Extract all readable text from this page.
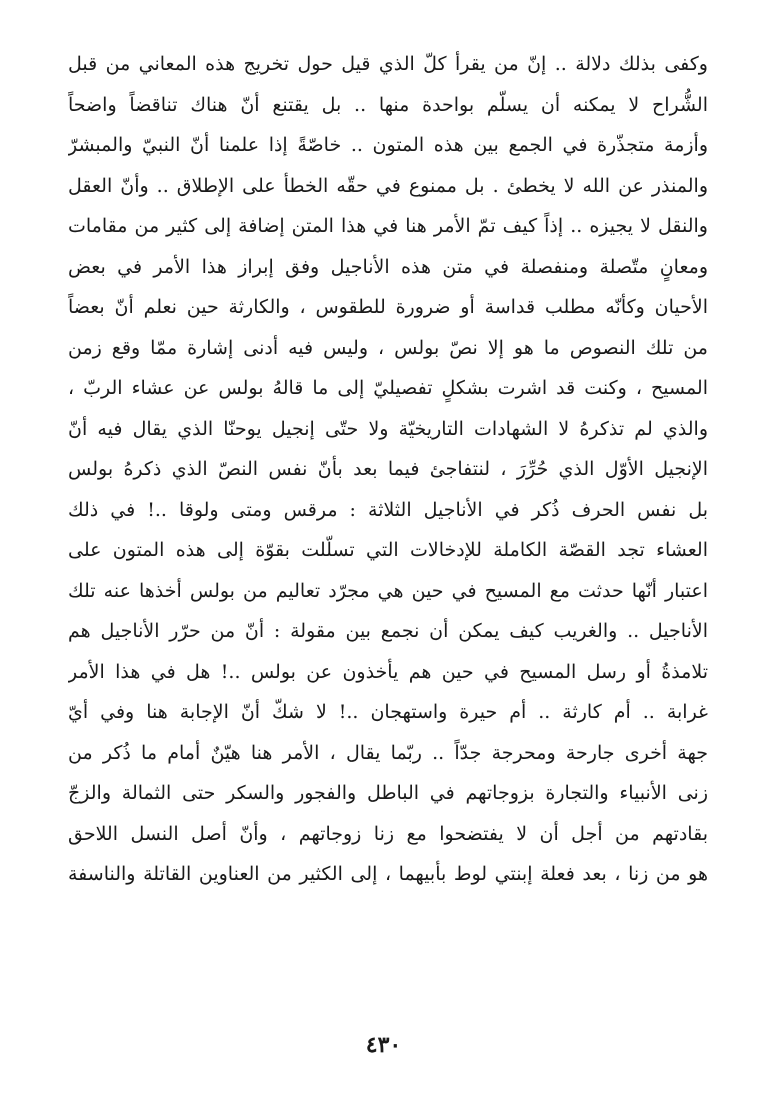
وكفى بذلك دلالة .. إنّ من يقرأ كلّ الذي قيل حول تخريج هذه المعاني من قبل
الشُّراح لا يمكنه أن يسلّم بواحدة منها .. بل يقتنع أنّ هناك تناقضاً واضحاً
وأزمة متجذّرة في الجمع بين هذه المتون .. خاصّةً إذا علمنا أنّ النبيّ والمبشرّ
والمنذر عن الله لا يخطئ . بل ممنوع في حقّه الخطأ على الإطلاق .. وأنّ العقل
والنقل لا يجيزه .. إذاً كيف تمّ الأمر هنا في هذا المتن إضافة إلى كثير من مقامات
ومعانٍ متّصلة ومنفصلة في متن هذه الأناجيل وفق إبراز هذا الأمر في بعض
الأحيان وكأنّه مطلب قداسة أو ضرورة للطقوس ، والكارثة حين نعلم أنّ بعضاً
من تلك النصوص ما هو إلا نصّ بولس ، وليس فيه أدنى إشارة ممّا وقع زمن
المسيح ، وكنت قد اشرت بشكلٍ تفصيليّ إلى ما قالهُ بولس عن عشاء الربّ ،
والذي لم تذكرهُ لا الشهادات التاريخيّة ولا حتّى إنجيل يوحنّا الذي يقال فيه أنّ
الإنجيل الأوّل الذي حُرِّرَ ، لنتفاجئ فيما بعد بأنّ نفس النصّ الذي ذكرهُ بولس
بل نفس الحرف ذُكر في الأناجيل الثلاثة : مرقس ومتى ولوقا ..! في ذلك
العشاء تجد القصّة الكاملة للإدخالات التي تسلّلت بقوّة إلى هذه المتون على
اعتبار أنّها حدثت مع المسيح في حين هي مجرّد تعاليم من بولس أخذها عنه تلك
الأناجيل .. والغريب كيف يمكن أن نجمع بين مقولة : أنّ من حرّر الأناجيل هم
تلامذةُ أو رسل المسيح في حين هم يأخذون عن بولس ..! هل في هذا الأمر
غرابة .. أم كارثة .. أم حيرة واستهجان ..! لا شكّ أنّ الإجابة هنا وفي أيّ
جهة أخرى جارحة ومحرجة جدّاً .. ربّما يقال ، الأمر هنا هيّنٌ أمام ما ذُكر من
زنى الأنبياء والتجارة بزوجاتهم في الباطل والفجور والسكر حتى الثمالة والزجّ
بقادتهم من أجل أن لا يفتضحوا مع زنا زوجاتهم ، وأنّ أصل النسل اللاحق
هو من زنا ، بعد فعلة إبنتي لوط بأبيهما ، إلى الكثير من العناوين القاتلة والناسفة
٤٣٠
